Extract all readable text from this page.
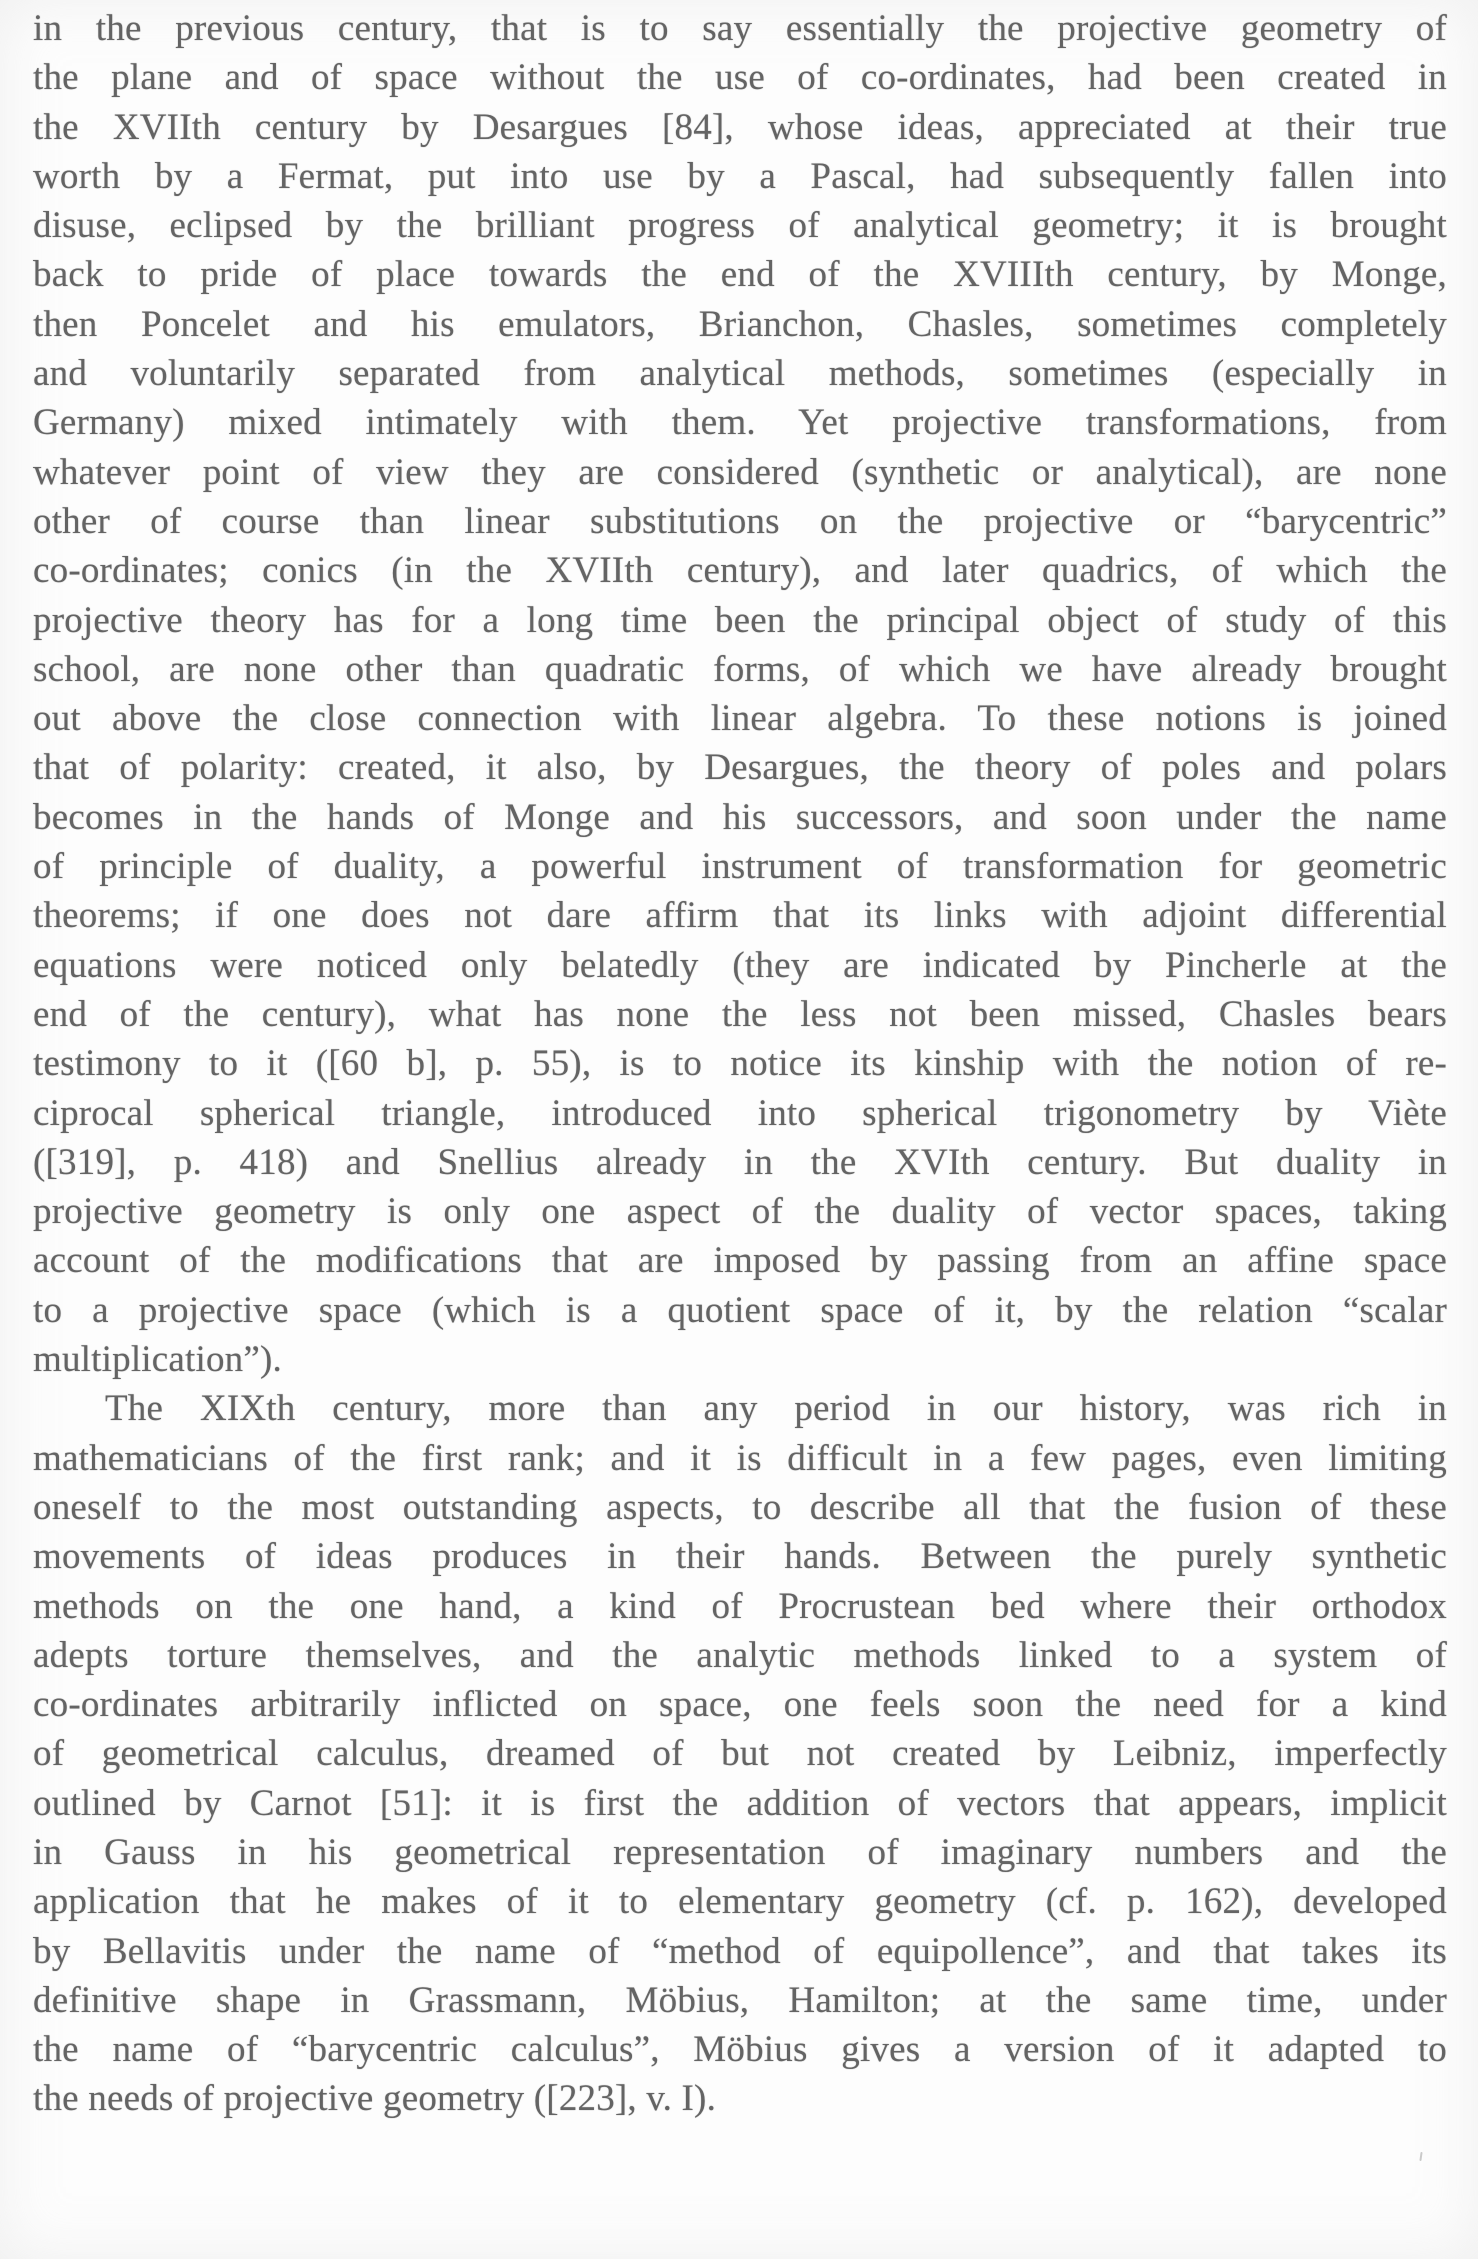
in the previous century, that is to say essentially the projective geometry of
the plane and of space without the use of co-ordinates, had been created in
the XVIIth century by Desargues [84], whose ideas, appreciated at their true
worth by a Fermat, put into use by a Pascal, had subsequently fallen into
disuse, eclipsed by the brilliant progress of analytical geometry; it is brought
back to pride of place towards the end of the XVIIIth century, by Monge,
then Poncelet and his emulators, Brianchon, Chasles, sometimes completely
and voluntarily separated from analytical methods, sometimes (especially in
Germany) mixed intimately with them. Yet projective transformations, from
whatever point of view they are considered (synthetic or analytical), are none
other of course than linear substitutions on the projective or “barycentric”
co-ordinates; conics (in the XVIIth century), and later quadrics, of which the
projective theory has for a long time been the principal object of study of this
school, are none other than quadratic forms, of which we have already brought
out above the close connection with linear algebra. To these notions is joined
that of polarity: created, it also, by Desargues, the theory of poles and polars
becomes in the hands of Monge and his successors, and soon under the name
of principle of duality, a powerful instrument of transformation for geometric
theorems; if one does not dare affirm that its links with adjoint differential
equations were noticed only belatedly (they are indicated by Pincherle at the
end of the century), what has none the less not been missed, Chasles bears
testimony to it ([60 b], p. 55), is to notice its kinship with the notion of re-
ciprocal spherical triangle, introduced into spherical trigonometry by Viète
([319], p. 418) and Snellius already in the XVIth century. But duality in
projective geometry is only one aspect of the duality of vector spaces, taking
account of the modifications that are imposed by passing from an affine space
to a projective space (which is a quotient space of it, by the relation “scalar
multiplication”).
The XIXth century, more than any period in our history, was rich in
mathematicians of the first rank; and it is difficult in a few pages, even limiting
oneself to the most outstanding aspects, to describe all that the fusion of these
movements of ideas produces in their hands. Between the purely synthetic
methods on the one hand, a kind of Procrustean bed where their orthodox
adepts torture themselves, and the analytic methods linked to a system of
co-ordinates arbitrarily inflicted on space, one feels soon the need for a kind
of geometrical calculus, dreamed of but not created by Leibniz, imperfectly
outlined by Carnot [51]: it is first the addition of vectors that appears, implicit
in Gauss in his geometrical representation of imaginary numbers and the
application that he makes of it to elementary geometry (cf. p. 162), developed
by Bellavitis under the name of “method of equipollence”, and that takes its
definitive shape in Grassmann, Möbius, Hamilton; at the same time, under
the name of “barycentric calculus”, Möbius gives a version of it adapted to
the needs of projective geometry ([223], v. I).
